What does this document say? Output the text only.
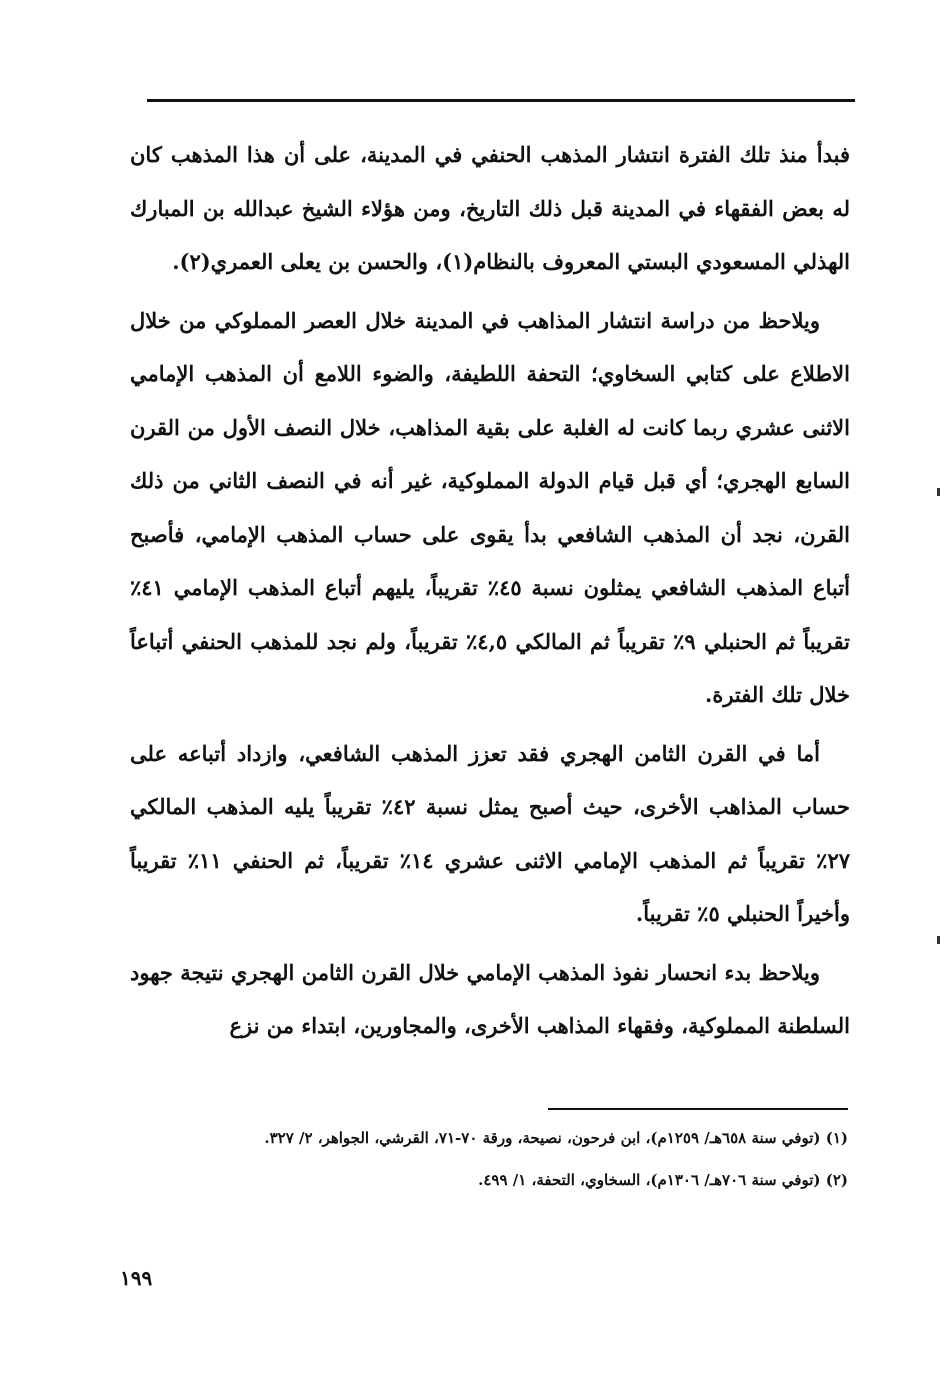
فبدأ منذ تلك الفترة انتشار المذهب الحنفي في المدينة، على أن هذا المذهب كان له بعض الفقهاء في المدينة قبل ذلك التاريخ، ومن هؤلاء الشيخ عبدالله بن المبارك الهذلي المسعودي البستي المعروف بالنظام(١)، والحسن بن يعلى العمري(٢).

ويلاحظ من دراسة انتشار المذاهب في المدينة خلال العصر المملوكي من خلال الاطلاع على كتابي السخاوي؛ التحفة اللطيفة، والضوء اللامع أن المذهب الإمامي الاثنى عشري ربما كانت له الغلبة على بقية المذاهب، خلال النصف الأول من القرن السابع الهجري؛ أي قبل قيام الدولة المملوكية، غير أنه في النصف الثاني من ذلك القرن، نجد أن المذهب الشافعي بدأ يقوى على حساب المذهب الإمامي، فأصبح أتباع المذهب الشافعي يمثلون نسبة ٤٥٪ تقريباً، يليهم أتباع المذهب الإمامي ٤١٪ تقريباً ثم الحنبلي ٩٪ تقريباً ثم المالكي ٤,٥٪ تقريباً، ولم نجد للمذهب الحنفي أتباعاً خلال تلك الفترة.

أما في القرن الثامن الهجري فقد تعزز المذهب الشافعي، وازداد أتباعه على حساب المذاهب الأخرى، حيث أصبح يمثل نسبة ٤٢٪ تقريباً يليه المذهب المالكي ٢٧٪ تقريباً ثم المذهب الإمامي الاثنى عشري ١٤٪ تقريباً، ثم الحنفي ١١٪ تقريباً وأخيراً الحنبلي ٥٪ تقريباً.

ويلاحظ بدء انحسار نفوذ المذهب الإمامي خلال القرن الثامن الهجري نتيجة جهود السلطنة المملوكية، وفقهاء المذاهب الأخرى، والمجاورين، ابتداء من نزع

(١) (توفي سنة ٦٥٨هـ/ ١٢٥٩م)، ابن فرحون، نصيحة، ورقة ٧٠-٧١، القرشي، الجواهر، ٢/ ٣٢٧.

(٢) (توفي سنة ٧٠٦هـ/ ١٣٠٦م)، السخاوي، التحفة، ١/ ٤٩٩.

١٩٩
